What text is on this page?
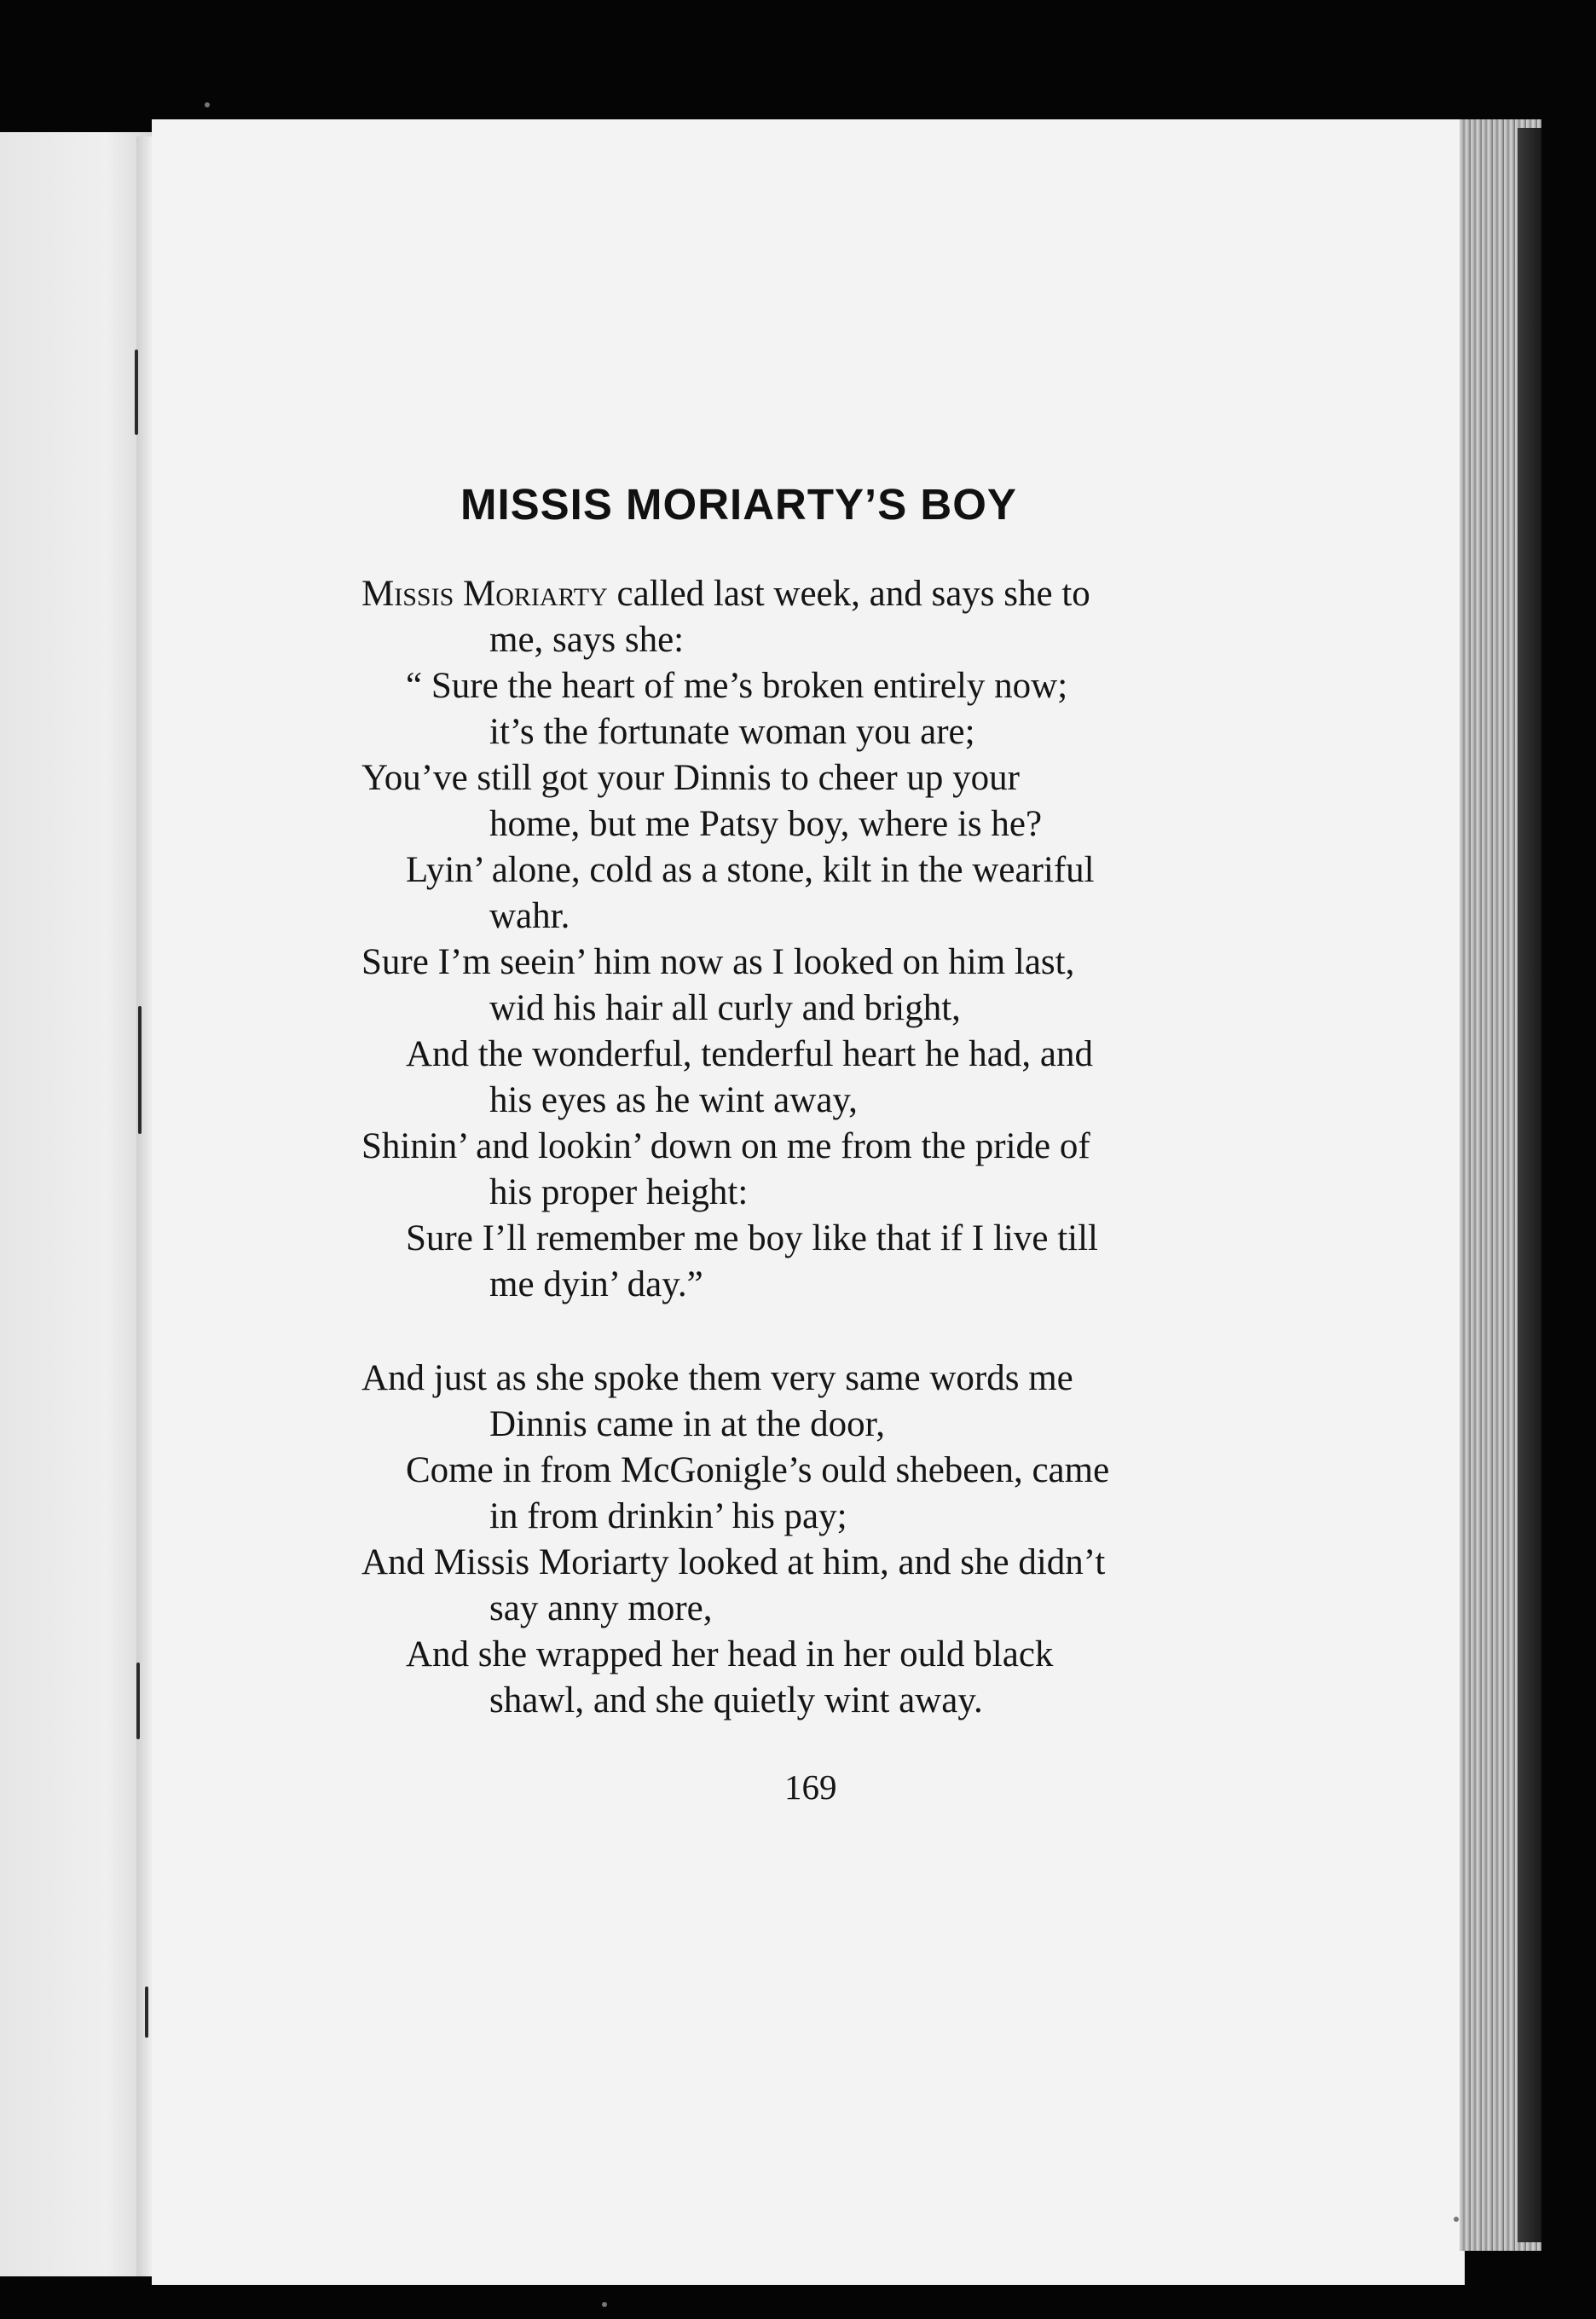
MISSIS MORIARTY’S BOY
Missis Moriarty called last week, and says she to
me, says she:
“ Sure the heart of me’s broken entirely now;
it’s the fortunate woman you are;
You’ve still got your Dinnis to cheer up your
home, but me Patsy boy, where is he?
Lyin’ alone, cold as a stone, kilt in the weariful
wahr.
Sure I’m seein’ him now as I looked on him last,
wid his hair all curly and bright,
And the wonderful, tenderful heart he had, and
his eyes as he wint away,
Shinin’ and lookin’ down on me from the pride of
his proper height:
Sure I’ll remember me boy like that if I live till
me dyin’ day.”
And just as she spoke them very same words me
Dinnis came in at the door,
Come in from McGonigle’s ould shebeen, came
in from drinkin’ his pay;
And Missis Moriarty looked at him, and she didn’t
say anny more,
And she wrapped her head in her ould black
shawl, and she quietly wint away.
169
